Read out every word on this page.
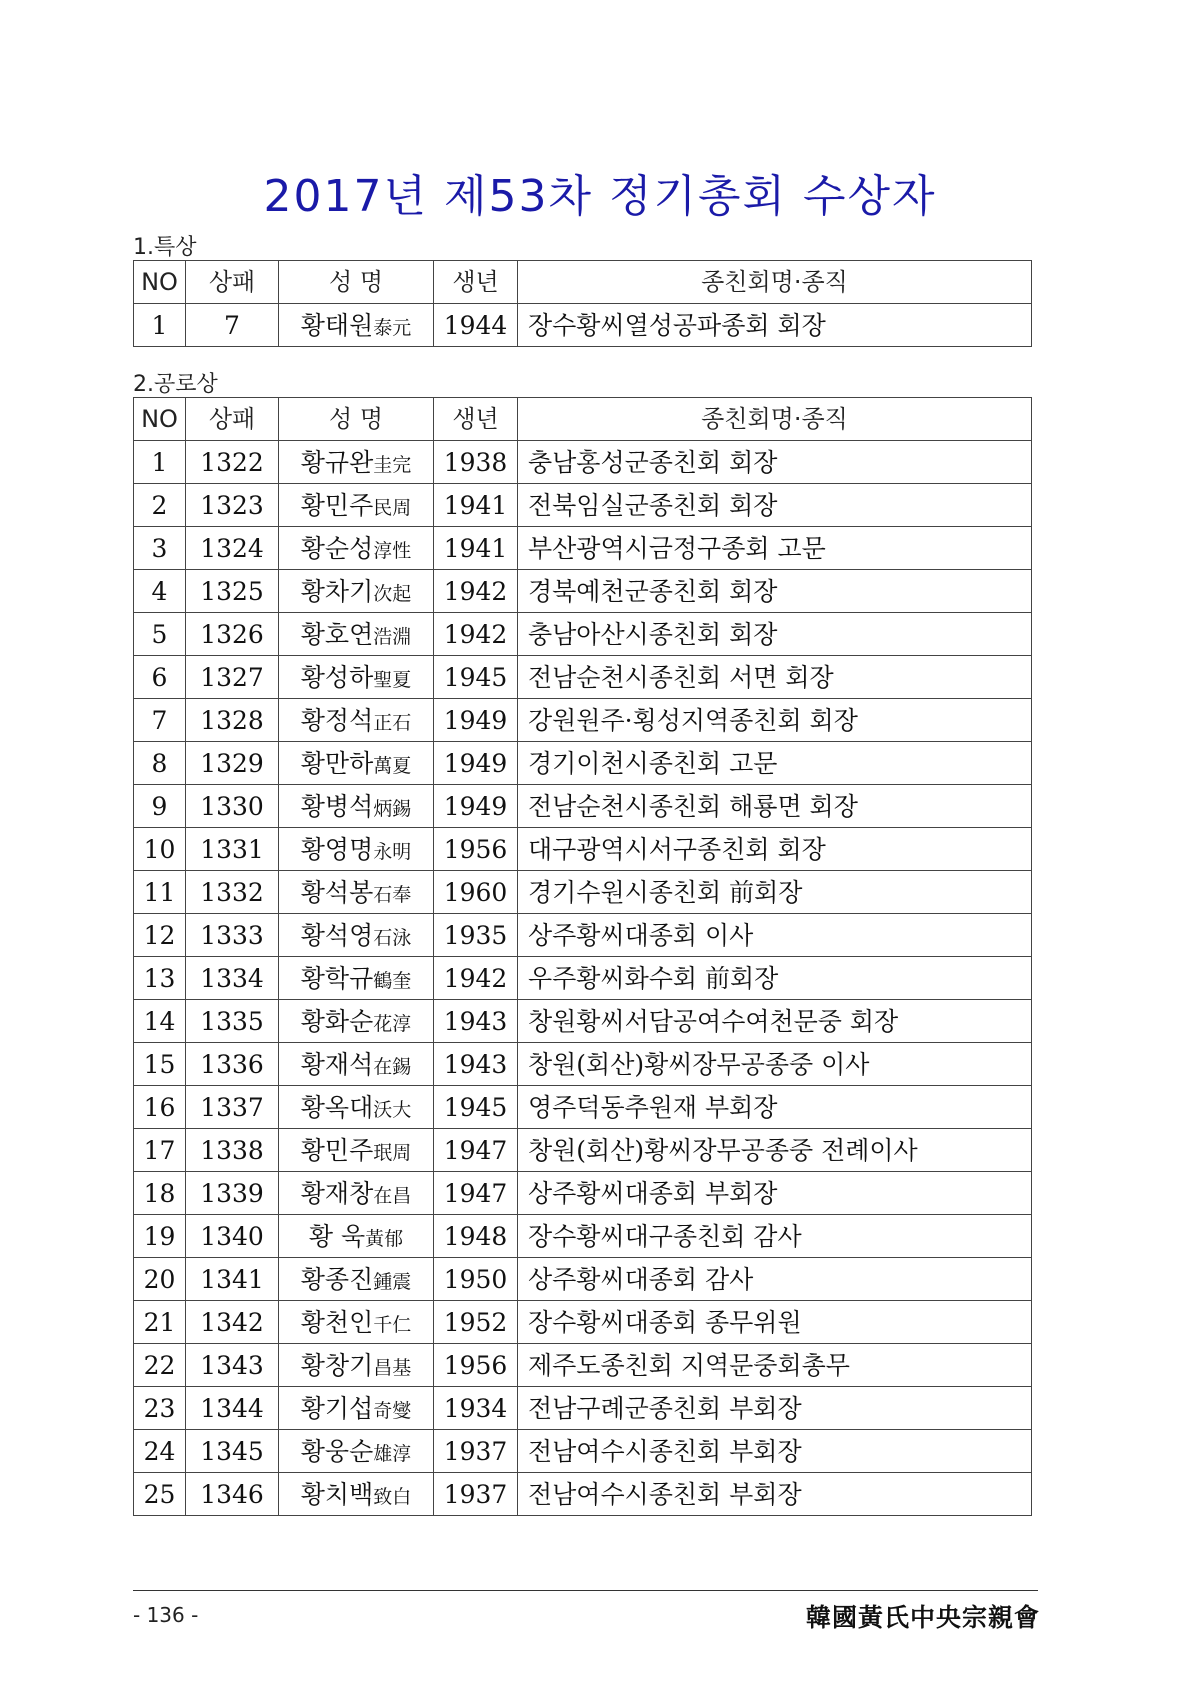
2017년 제53차 정기총회 수상자
1.특상
NO	상패	성 명	생년	종친회명·종직
1	7	황태원泰元	1944	장수황씨열성공파종회 회장
2.공로상
NO	상패	성 명	생년	종친회명·종직
1	1322	황규완圭完	1938	충남홍성군종친회 회장
2	1323	황민주民周	1941	전북임실군종친회 회장
3	1324	황순성淳性	1941	부산광역시금정구종회 고문
4	1325	황차기次起	1942	경북예천군종친회 회장
5	1326	황호연浩淵	1942	충남아산시종친회 회장
6	1327	황성하聖夏	1945	전남순천시종친회 서면 회장
7	1328	황정석正石	1949	강원원주·횡성지역종친회 회장
8	1329	황만하萬夏	1949	경기이천시종친회 고문
9	1330	황병석炳錫	1949	전남순천시종친회 해룡면 회장
10	1331	황영명永明	1956	대구광역시서구종친회 회장
11	1332	황석봉石奉	1960	경기수원시종친회 前회장
12	1333	황석영石泳	1935	상주황씨대종회 이사
13	1334	황학규鶴奎	1942	우주황씨화수회 前회장
14	1335	황화순花淳	1943	창원황씨서담공여수여천문중 회장
15	1336	황재석在錫	1943	창원(회산)황씨장무공종중 이사
16	1337	황옥대沃大	1945	영주덕동추원재 부회장
17	1338	황민주珉周	1947	창원(회산)황씨장무공종중 전례이사
18	1339	황재창在昌	1947	상주황씨대종회 부회장
19	1340	황 욱黃郁	1948	장수황씨대구종친회 감사
20	1341	황종진鍾震	1950	상주황씨대종회 감사
21	1342	황천인千仁	1952	장수황씨대종회 종무위원
22	1343	황창기昌基	1956	제주도종친회 지역문중회총무
23	1344	황기섭奇燮	1934	전남구례군종친회 부회장
24	1345	황웅순雄淳	1937	전남여수시종친회 부회장
25	1346	황치백致白	1937	전남여수시종친회 부회장
- 136 -	韓國黃氏中央宗親會
